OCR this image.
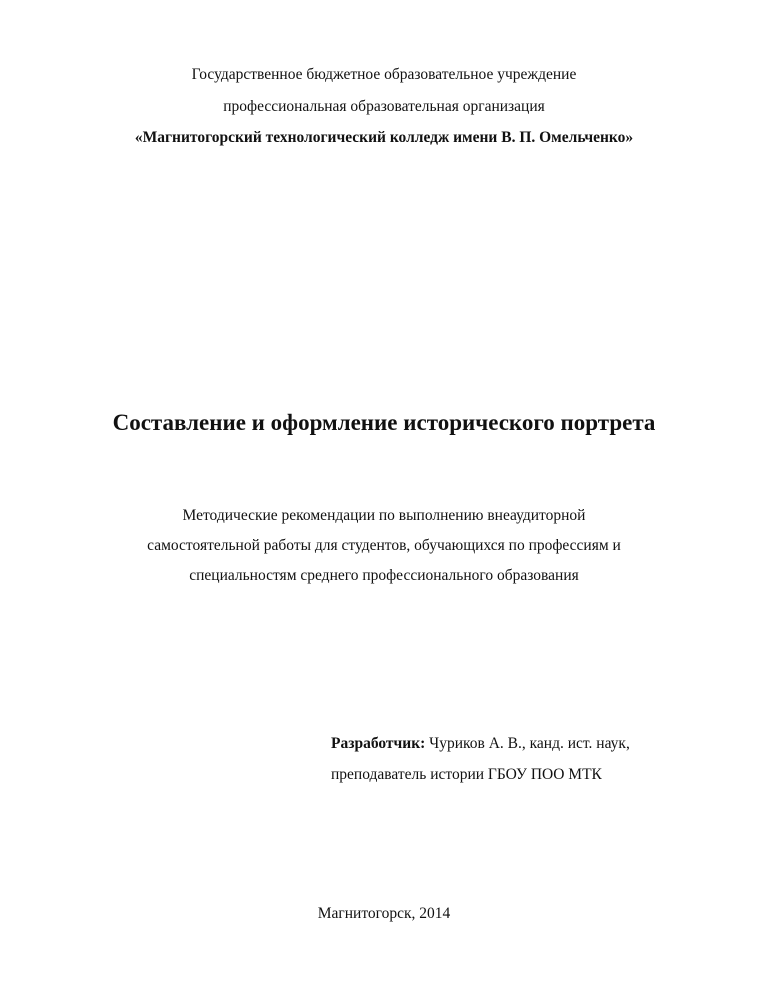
Государственное бюджетное образовательное учреждение
профессиональная образовательная организация
«Магнитогорский технологический колледж имени В. П. Омельченко»
Составление и оформление исторического портрета
Методические рекомендации по выполнению внеаудиторной
самостоятельной работы для студентов, обучающихся по профессиям и
специальностям среднего профессионального образования
Разработчик: Чуриков А. В., канд. ист. наук,
преподаватель истории ГБОУ ПОО МТК
Магнитогорск, 2014
